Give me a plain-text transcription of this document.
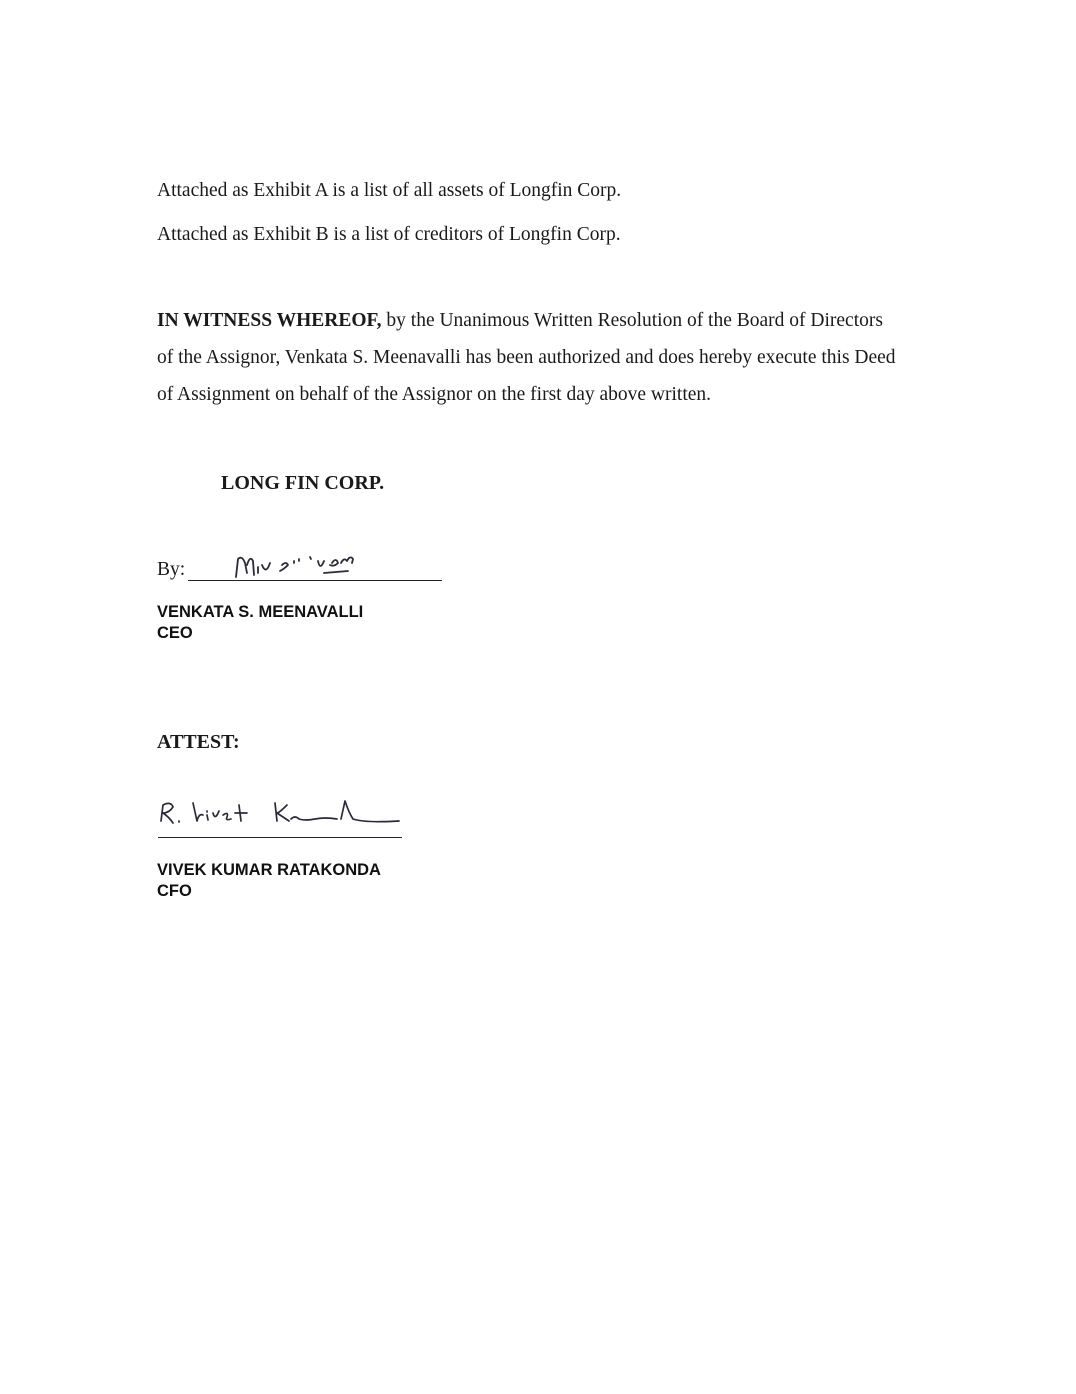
Attached as Exhibit A is a list of all assets of Longfin Corp.
Attached as Exhibit B is a list of creditors of Longfin Corp.
IN WITNESS WHEREOF, by the Unanimous Written Resolution of the Board of Directors
of the Assignor, Venkata S. Meenavalli has been authorized and does hereby execute this Deed
of Assignment on behalf of the Assignor on the first day above written.
LONG FIN CORP.
By:
VENKATA S. MEENAVALLI
CEO
ATTEST:
VIVEK KUMAR RATAKONDA
CFO
